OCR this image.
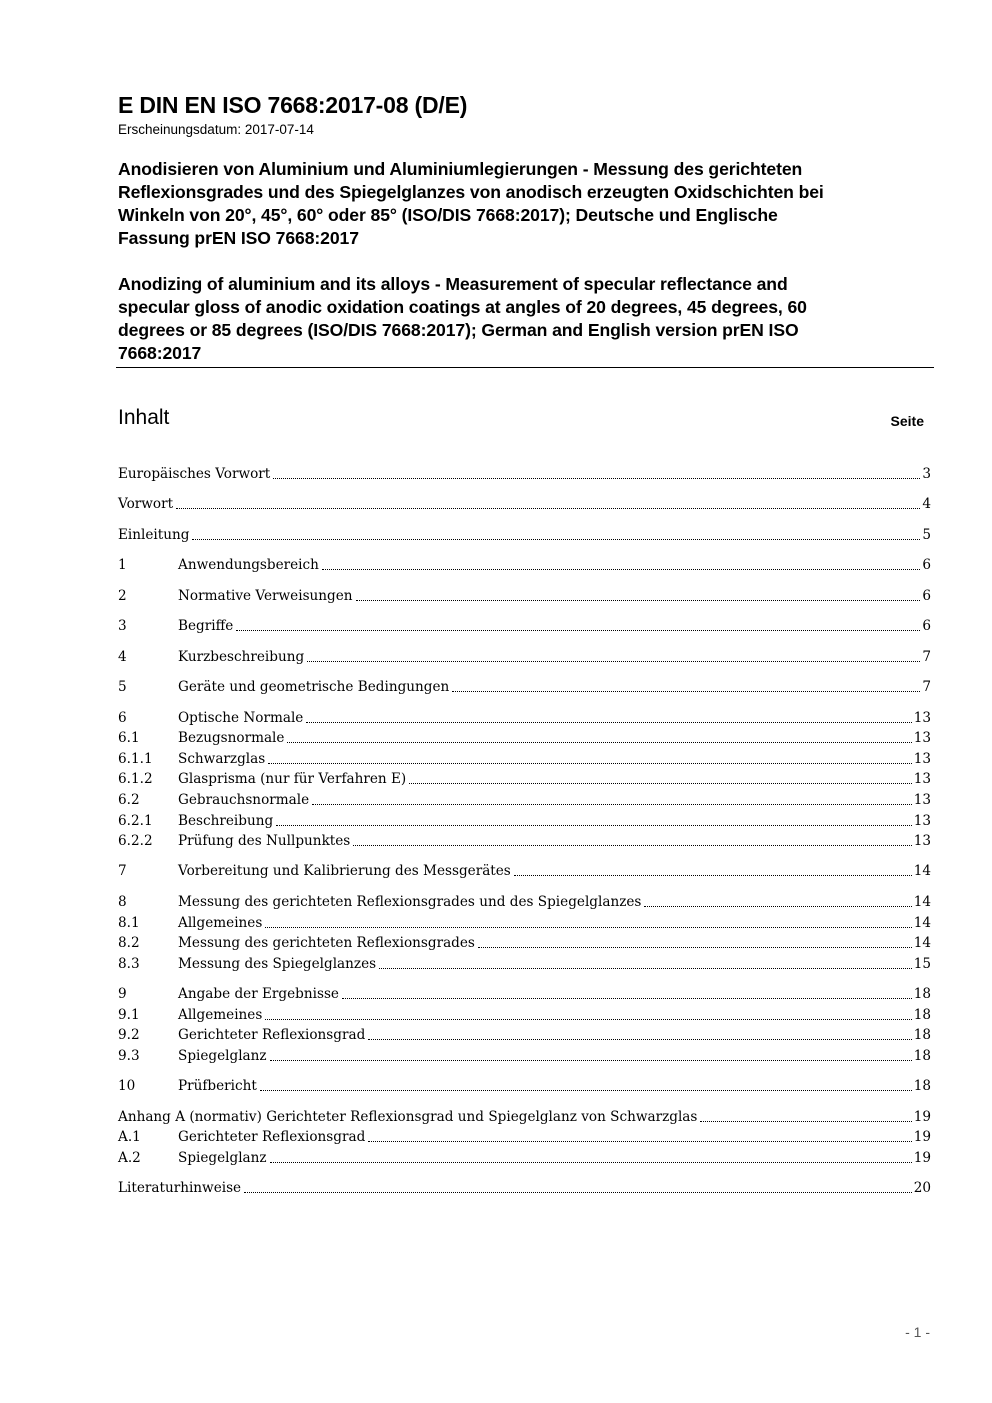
E DIN EN ISO 7668:2017-08 (D/E)
Erscheinungsdatum: 2017-07-14
Anodisieren von Aluminium und Aluminiumlegierungen - Messung des gerichteten
Reflexionsgrades und des Spiegelglanzes von anodisch erzeugten Oxidschichten bei
Winkeln von 20°, 45°, 60° oder 85° (ISO/DIS 7668:2017); Deutsche und Englische
Fassung prEN ISO 7668:2017
Anodizing of aluminium and its alloys - Measurement of specular reflectance and
specular gloss of anodic oxidation coatings at angles of 20 degrees, 45 degrees, 60
degrees or 85 degrees (ISO/DIS 7668:2017); German and English version prEN ISO
7668:2017
Inhalt	Seite
Europäisches Vorwort	3
Vorwort	4
Einleitung	5
1	Anwendungsbereich	6
2	Normative Verweisungen	6
3	Begriffe	6
4	Kurzbeschreibung	7
5	Geräte und geometrische Bedingungen	7
6	Optische Normale	13
6.1	Bezugsnormale	13
6.1.1	Schwarzglas	13
6.1.2	Glasprisma (nur für Verfahren E)	13
6.2	Gebrauchsnormale	13
6.2.1	Beschreibung	13
6.2.2	Prüfung des Nullpunktes	13
7	Vorbereitung und Kalibrierung des Messgerätes	14
8	Messung des gerichteten Reflexionsgrades und des Spiegelglanzes	14
8.1	Allgemeines	14
8.2	Messung des gerichteten Reflexionsgrades	14
8.3	Messung des Spiegelglanzes	15
9	Angabe der Ergebnisse	18
9.1	Allgemeines	18
9.2	Gerichteter Reflexionsgrad	18
9.3	Spiegelglanz	18
10	Prüfbericht	18
Anhang A (normativ) Gerichteter Reflexionsgrad und Spiegelglanz von Schwarzglas	19
A.1	Gerichteter Reflexionsgrad	19
A.2	Spiegelglanz	19
Literaturhinweise	20
- 1 -
